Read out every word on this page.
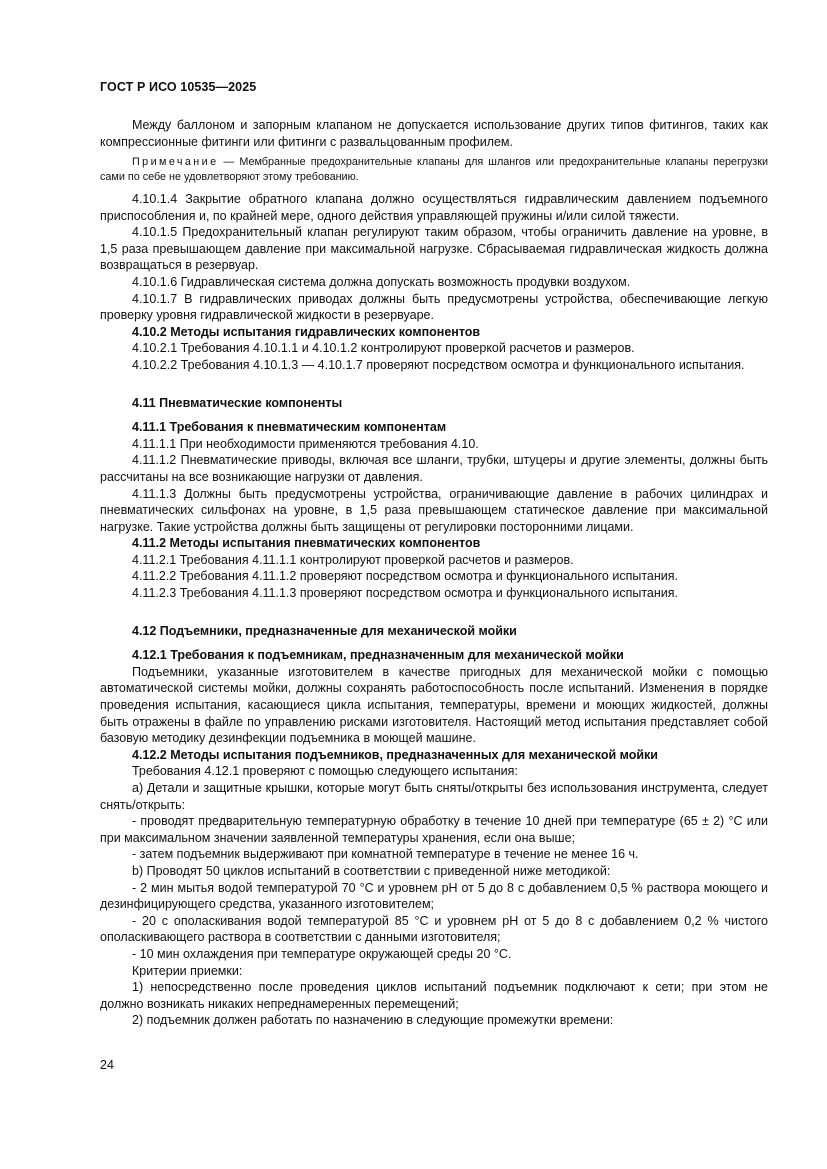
ГОСТ Р ИСО 10535—2025

Между баллоном и запорным клапаном не допускается использование других типов фитингов, таких как компрессионные фитинги или фитинги с развальцованным профилем.

Примечание — Мембранные предохранительные клапаны для шлангов или предохранительные клапаны перегрузки сами по себе не удовлетворяют этому требованию.

4.10.1.4 Закрытие обратного клапана должно осуществляться гидравлическим давлением подъемного приспособления и, по крайней мере, одного действия управляющей пружины и/или силой тяжести.

4.10.1.5 Предохранительный клапан регулируют таким образом, чтобы ограничить давление на уровне, в 1,5 раза превышающем давление при максимальной нагрузке. Сбрасываемая гидравлическая жидкость должна возвращаться в резервуар.

4.10.1.6 Гидравлическая система должна допускать возможность продувки воздухом.

4.10.1.7 В гидравлических приводах должны быть предусмотрены устройства, обеспечивающие легкую проверку уровня гидравлической жидкости в резервуаре.

4.10.2 Методы испытания гидравлических компонентов

4.10.2.1 Требования 4.10.1.1 и 4.10.1.2 контролируют проверкой расчетов и размеров.

4.10.2.2 Требования 4.10.1.3 — 4.10.1.7 проверяют посредством осмотра и функционального испытания.

4.11 Пневматические компоненты

4.11.1 Требования к пневматическим компонентам

4.11.1.1 При необходимости применяются требования 4.10.

4.11.1.2 Пневматические приводы, включая все шланги, трубки, штуцеры и другие элементы, должны быть рассчитаны на все возникающие нагрузки от давления.

4.11.1.3 Должны быть предусмотрены устройства, ограничивающие давление в рабочих цилиндрах и пневматических сильфонах на уровне, в 1,5 раза превышающем статическое давление при максимальной нагрузке. Такие устройства должны быть защищены от регулировки посторонними лицами.

4.11.2 Методы испытания пневматических компонентов

4.11.2.1 Требования 4.11.1.1 контролируют проверкой расчетов и размеров.

4.11.2.2 Требования 4.11.1.2 проверяют посредством осмотра и функционального испытания.

4.11.2.3 Требования 4.11.1.3 проверяют посредством осмотра и функционального испытания.

4.12 Подъемники, предназначенные для механической мойки

4.12.1 Требования к подъемникам, предназначенным для механической мойки

Подъемники, указанные изготовителем в качестве пригодных для механической мойки с помощью автоматической системы мойки, должны сохранять работоспособность после испытаний. Изменения в порядке проведения испытания, касающиеся цикла испытания, температуры, времени и моющих жидкостей, должны быть отражены в файле по управлению рисками изготовителя. Настоящий метод испытания представляет собой базовую методику дезинфекции подъемника в моющей машине.

4.12.2 Методы испытания подъемников, предназначенных для механической мойки

Требования 4.12.1 проверяют с помощью следующего испытания:

a) Детали и защитные крышки, которые могут быть сняты/открыты без использования инструмента, следует снять/открыть:

- проводят предварительную температурную обработку в течение 10 дней при температуре (65 ± 2) °C или при максимальном значении заявленной температуры хранения, если она выше;

- затем подъемник выдерживают при комнатной температуре в течение не менее 16 ч.

b) Проводят 50 циклов испытаний в соответствии с приведенной ниже методикой:

- 2 мин мытья водой температурой 70 °C и уровнем pH от 5 до 8 с добавлением 0,5 % раствора моющего и дезинфицирующего средства, указанного изготовителем;

- 20 с ополаскивания водой температурой 85 °C и уровнем pH от 5 до 8 с добавлением 0,2 % чистого ополаскивающего раствора в соответствии с данными изготовителя;

- 10 мин охлаждения при температуре окружающей среды 20 °C.

Критерии приемки:

1) непосредственно после проведения циклов испытаний подъемник подключают к сети; при этом не должно возникать никаких непреднамеренных перемещений;

2) подъемник должен работать по назначению в следующие промежутки времени:

24
